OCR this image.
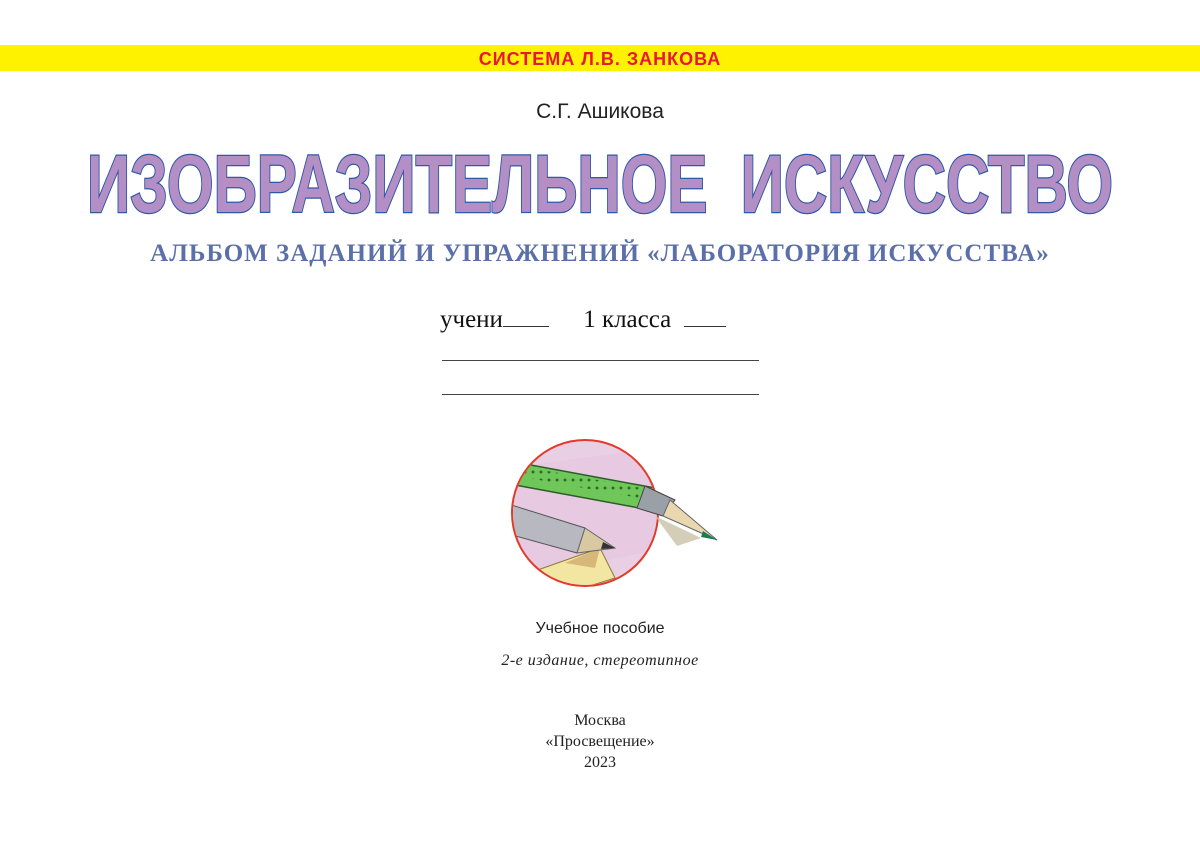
СИСТЕМА Л.В. ЗАНКОВА
С.Г. Ашикова
ИЗОБРАЗИТЕЛЬНОЕ  ИСКУССТВО
АЛЬБОМ ЗАДАНИЙ И УПРАЖНЕНИЙ «ЛАБОРАТОРИЯ ИСКУССТВА»
учени	1 класса
Учебное пособие
2-е издание, стереотипное
Москва
«Просвещение»
2023
